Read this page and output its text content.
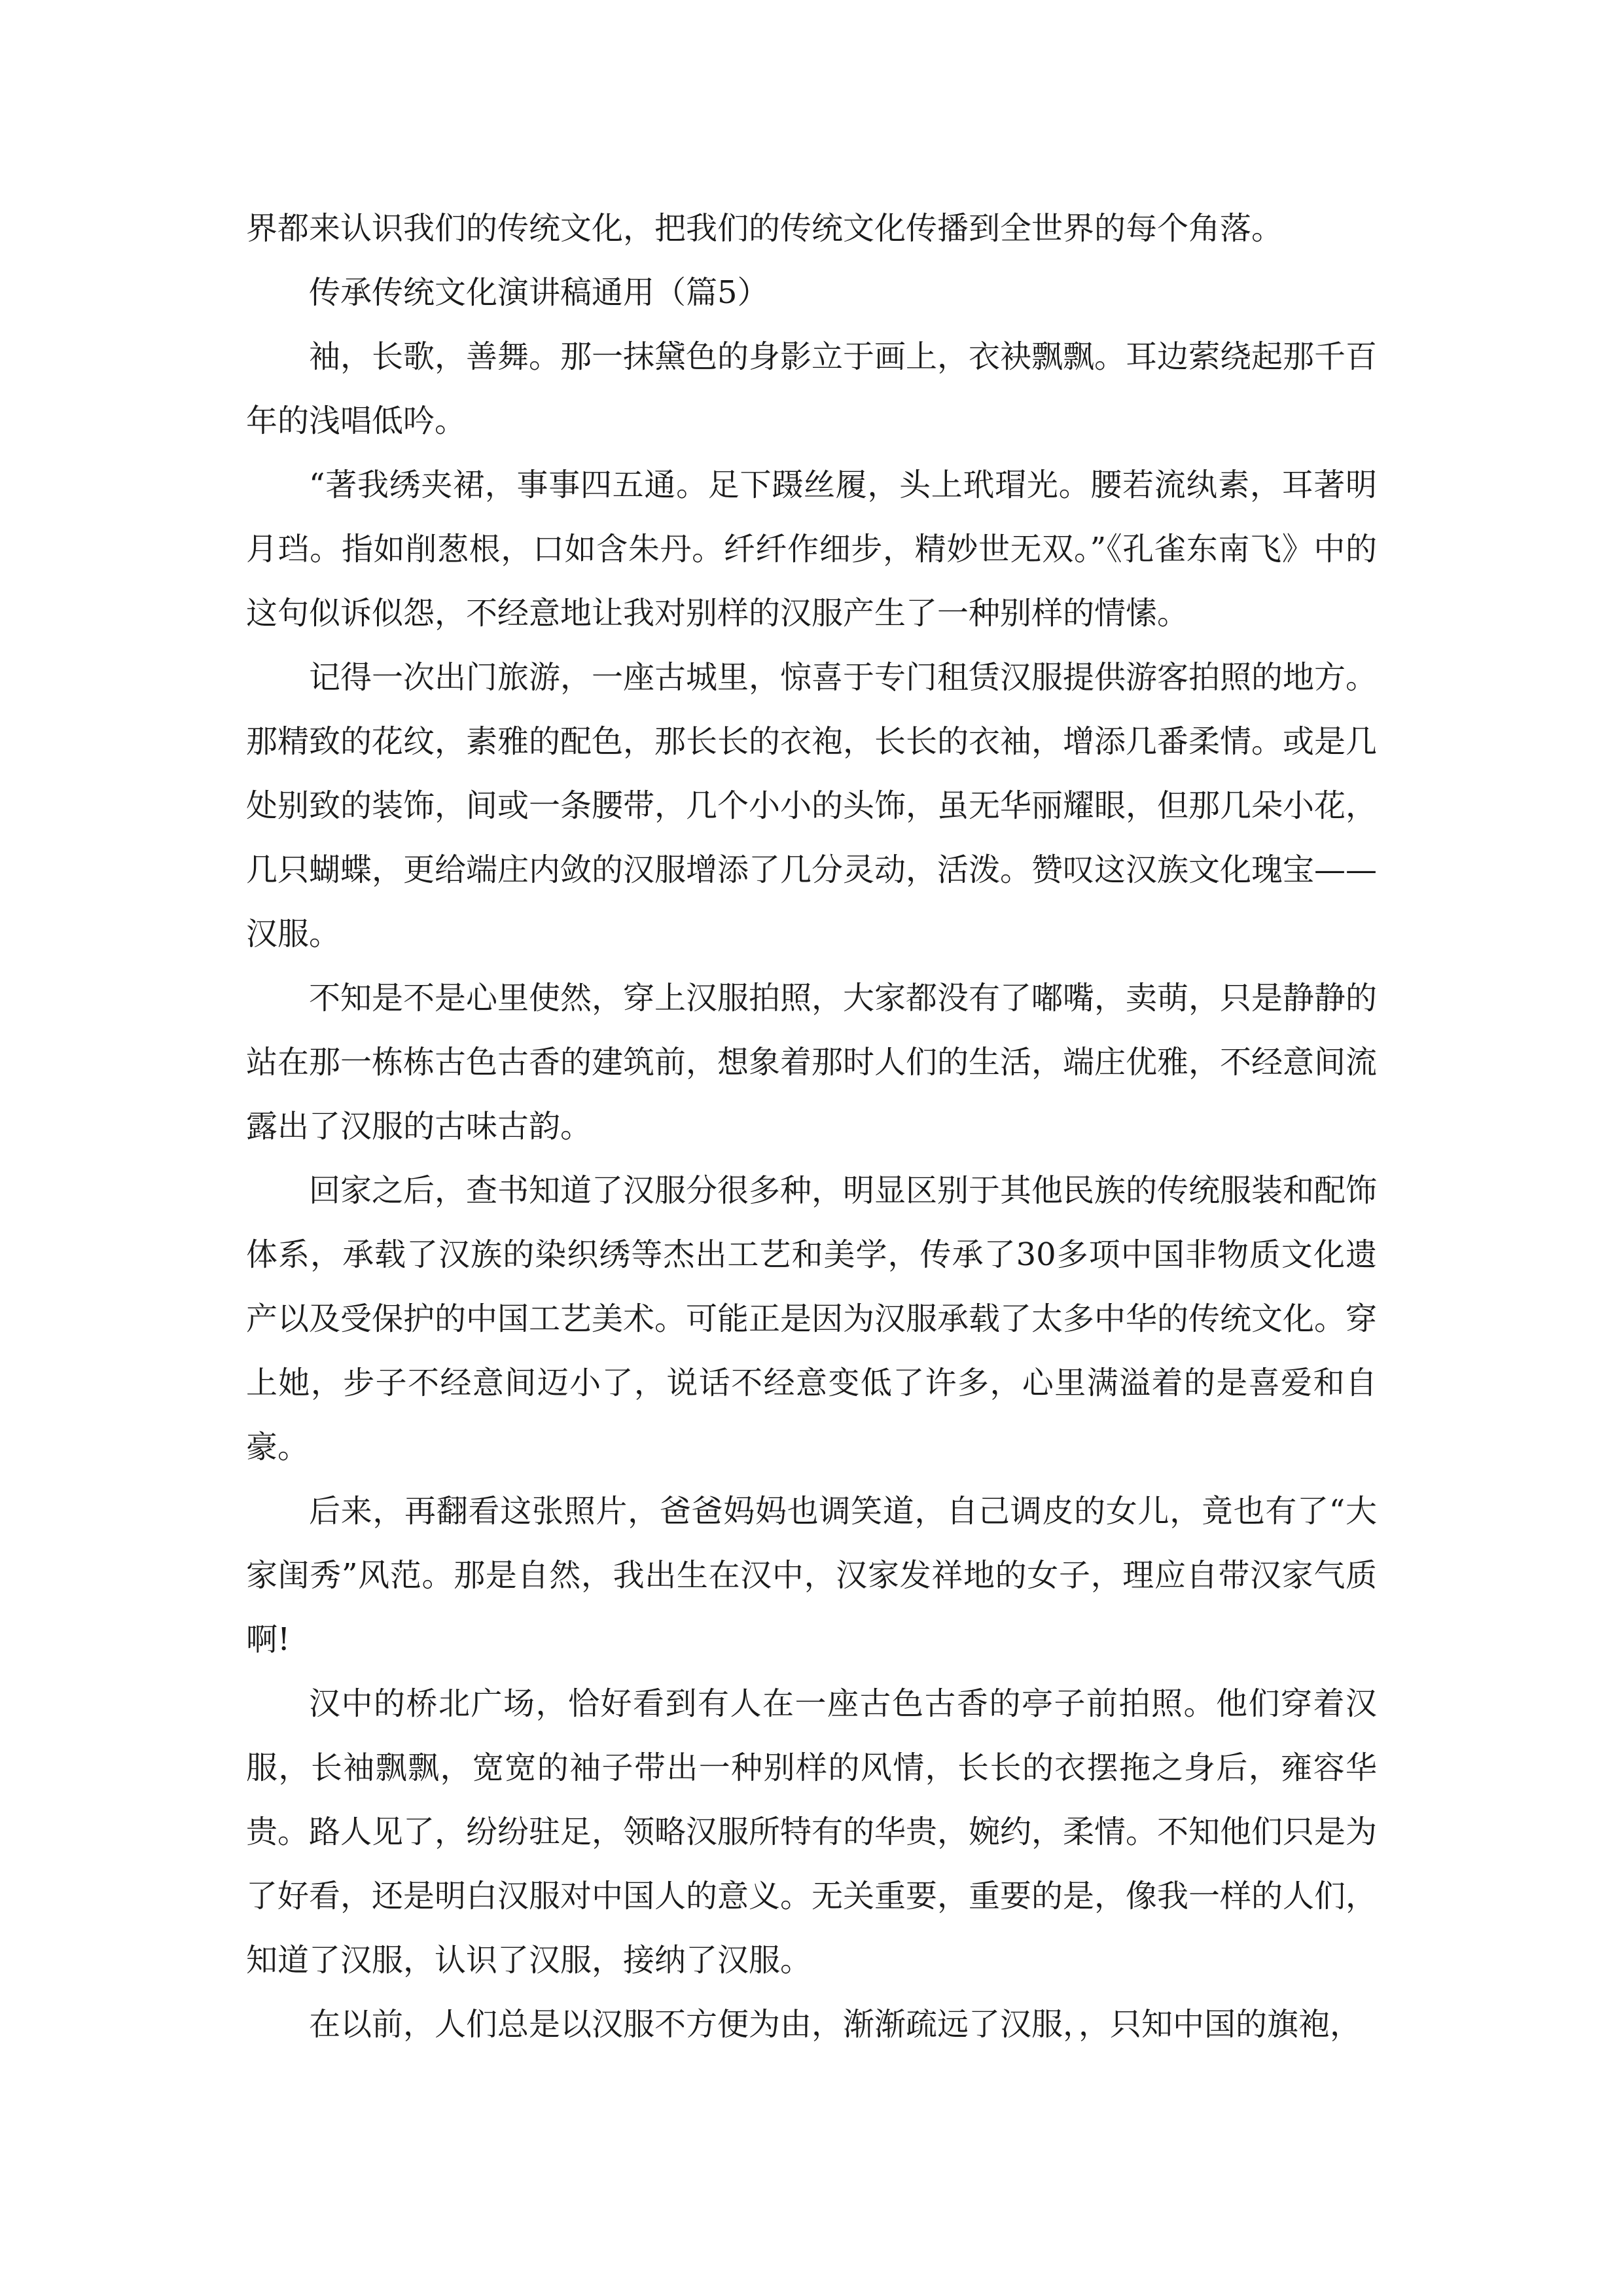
界都来认识我们的传统文化，把我们的传统文化传播到全世界的每个角落。

传承传统文化演讲稿通用（篇5）

袖，长歌，善舞。那一抹黛色的身影立于画上，衣袂飘飘。耳边萦绕起那千百年的浅唱低吟。

“著我绣夹裙，事事四五通。足下蹑丝履，头上玳瑁光。腰若流纨素，耳著明月珰。指如削葱根，口如含朱丹。纤纤作细步，精妙世无双。”《孔雀东南飞》中的这句似诉似怨，不经意地让我对别样的汉服产生了一种别样的情愫。

记得一次出门旅游，一座古城里，惊喜于专门租赁汉服提供游客拍照的地方。那精致的花纹，素雅的配色，那长长的衣袍，长长的衣袖，增添几番柔情。或是几处别致的装饰，间或一条腰带，几个小小的头饰，虽无华丽耀眼，但那几朵小花，几只蝴蝶，更给端庄内敛的汉服增添了几分灵动，活泼。赞叹这汉族文化瑰宝——汉服。

不知是不是心里使然，穿上汉服拍照，大家都没有了嘟嘴，卖萌，只是静静的站在那一栋栋古色古香的建筑前，想象着那时人们的生活，端庄优雅，不经意间流露出了汉服的古味古韵。

回家之后，查书知道了汉服分很多种，明显区别于其他民族的传统服装和配饰体系，承载了汉族的染织绣等杰出工艺和美学，传承了30多项中国非物质文化遗产以及受保护的中国工艺美术。可能正是因为汉服承载了太多中华的传统文化。穿上她，步子不经意间迈小了，说话不经意变低了许多，心里满溢着的是喜爱和自豪。

后来，再翻看这张照片，爸爸妈妈也调笑道，自己调皮的女儿，竟也有了“大家闺秀”风范。那是自然，我出生在汉中，汉家发祥地的女子，理应自带汉家气质啊!

汉中的桥北广场，恰好看到有人在一座古色古香的亭子前拍照。他们穿着汉服，长袖飘飘，宽宽的袖子带出一种别样的风情，长长的衣摆拖之身后，雍容华贵。路人见了，纷纷驻足，领略汉服所特有的华贵，婉约，柔情。不知他们只是为了好看，还是明白汉服对中国人的意义。无关重要，重要的是，像我一样的人们，知道了汉服，认识了汉服，接纳了汉服。

在以前，人们总是以汉服不方便为由，渐渐疏远了汉服，，只知中国的旗袍，
